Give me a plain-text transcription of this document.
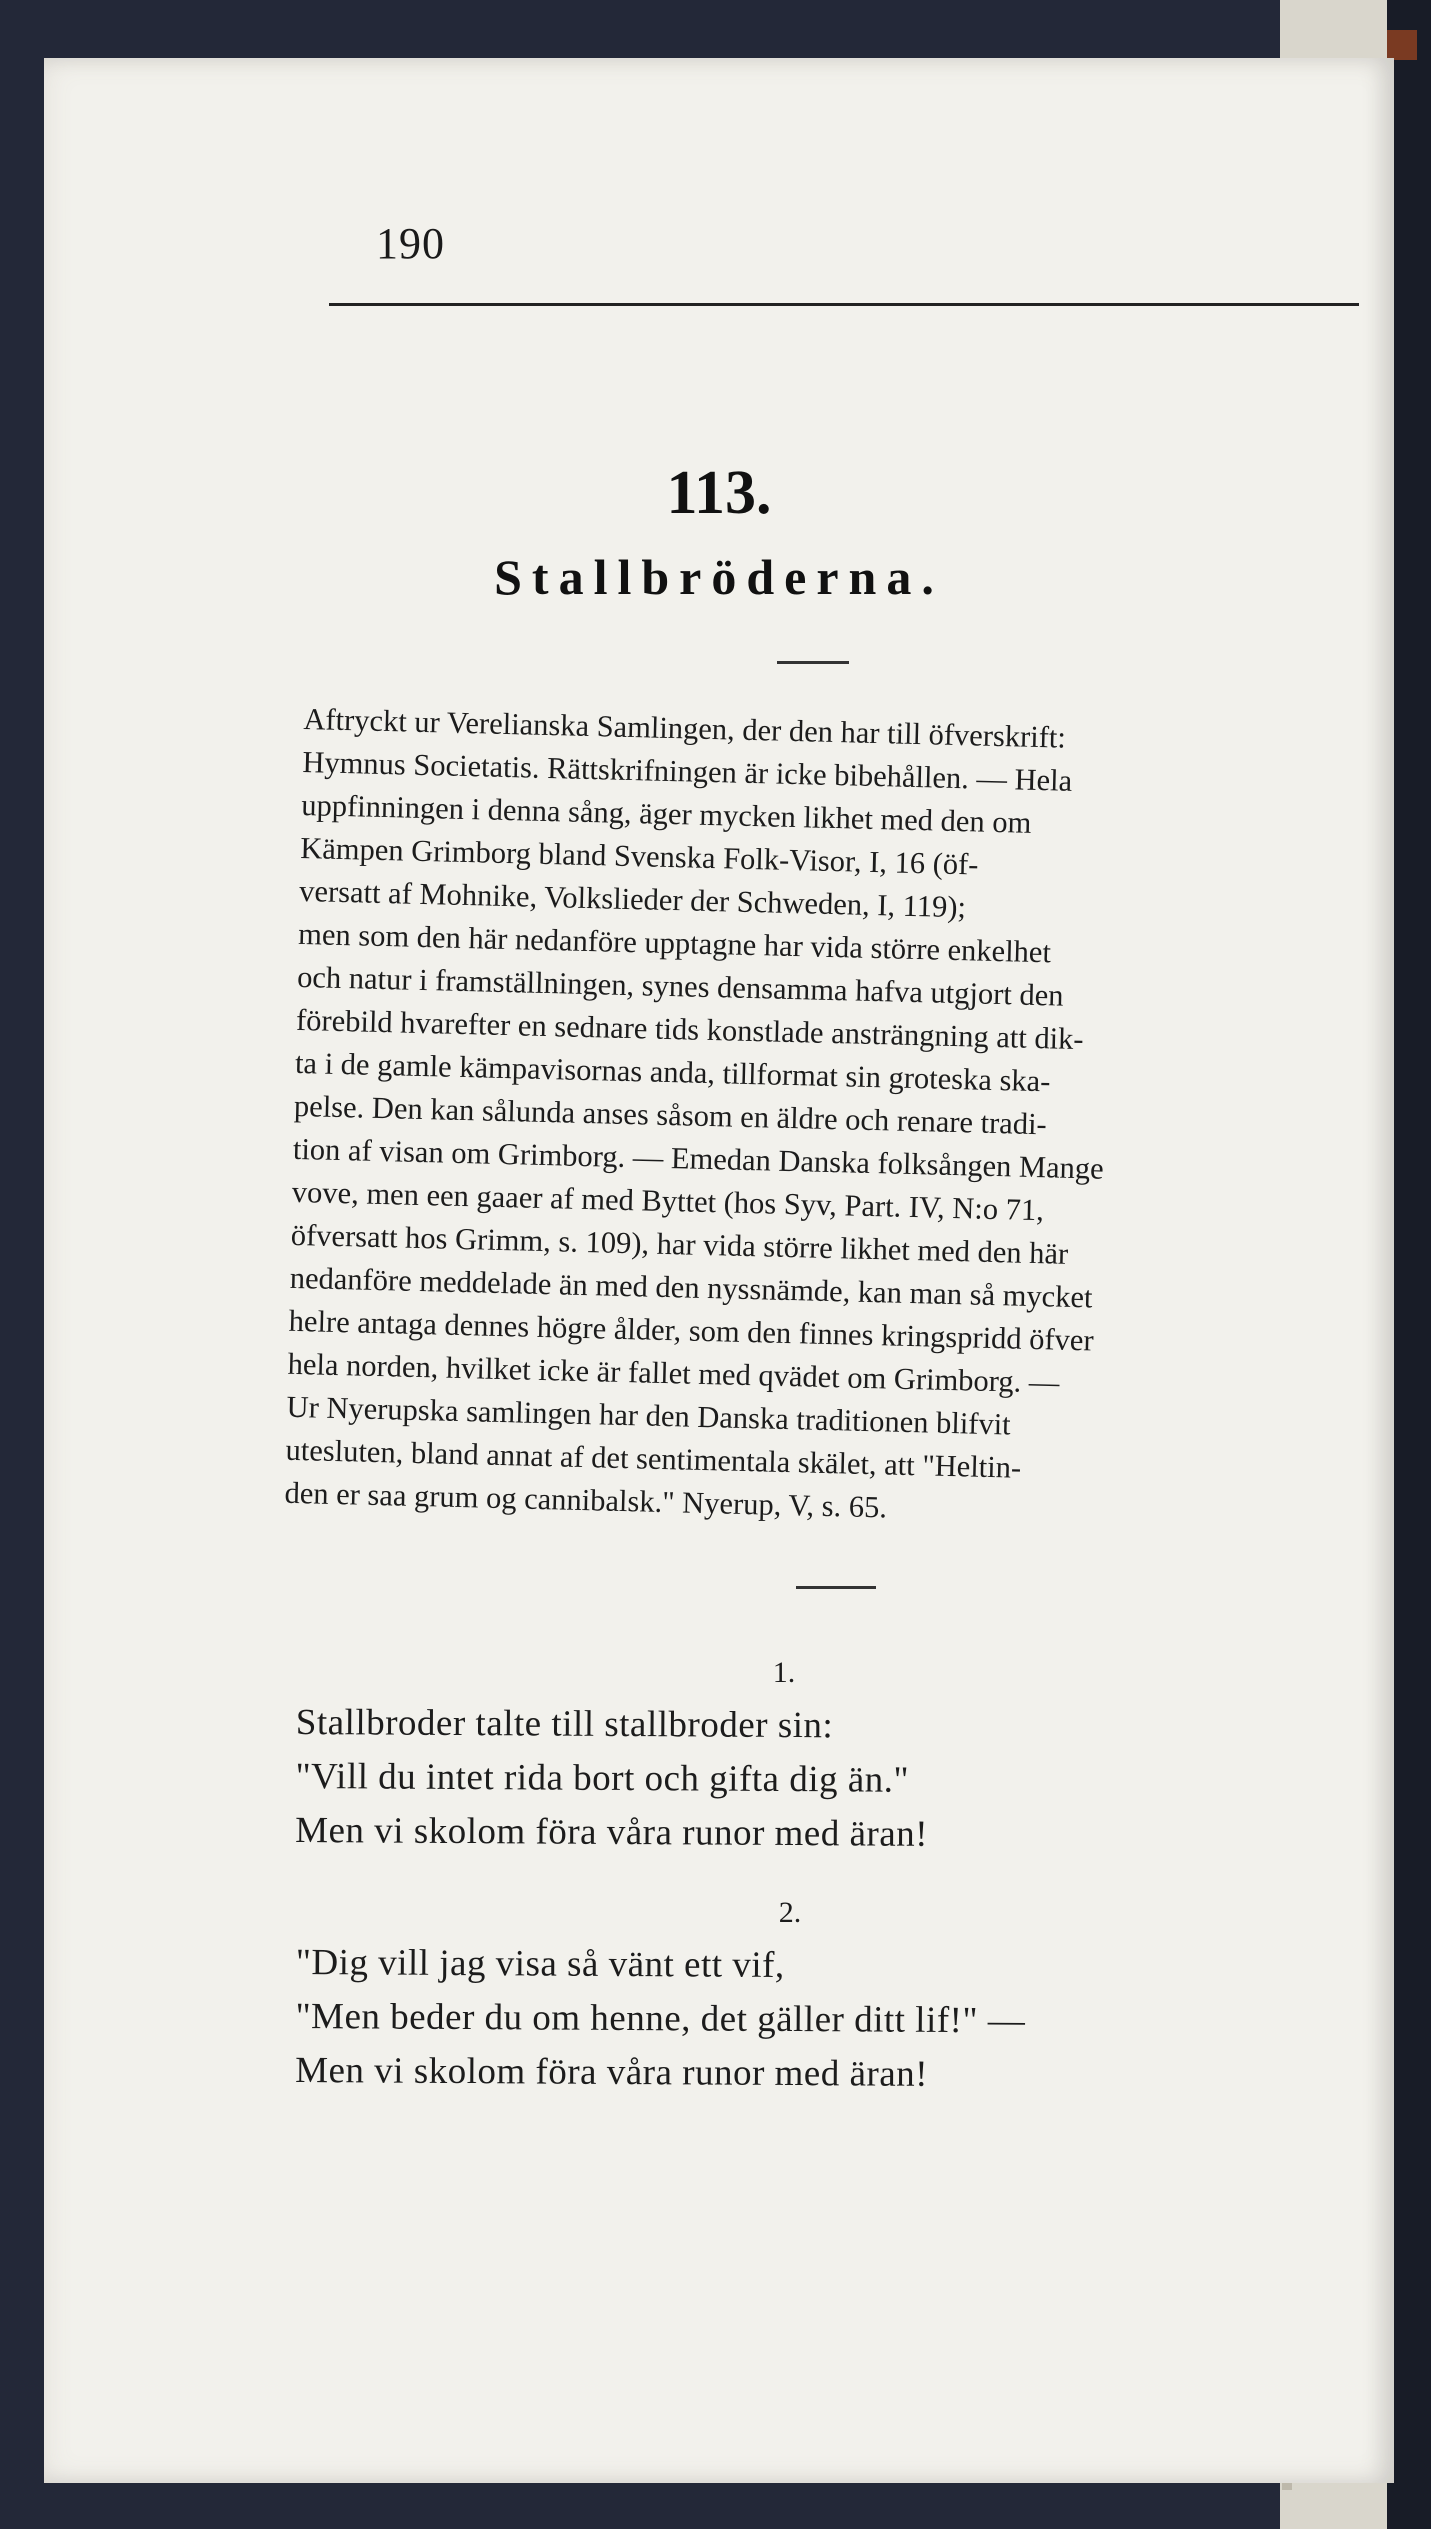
190
113.
Stallbröderna.
Aftryckt ur Verelianska Samlingen, der den har till öfverskrift:
Hymnus Societatis. Rättskrifningen är icke bibehållen. — Hela
uppfinningen i denna sång, äger mycken likhet med den om
Kämpen Grimborg bland Svenska Folk-Visor, I, 16 (öf-
versatt af Mohnike, Volkslieder der Schweden, I, 119);
men som den här nedanföre upptagne har vida större enkelhet
och natur i framställningen, synes densamma hafva utgjort den
förebild hvarefter en sednare tids konstlade ansträngning att dik-
ta i de gamle kämpavisornas anda, tillformat sin groteska ska-
pelse. Den kan sålunda anses såsom en äldre och renare tradi-
tion af visan om Grimborg. — Emedan Danska folksången Mange
vove, men een gaaer af med Byttet (hos Syv, Part. IV, N:o 71,
öfversatt hos Grimm, s. 109), har vida större likhet med den här
nedanföre meddelade än med den nyssnämde, kan man så mycket
helre antaga dennes högre ålder, som den finnes kringspridd öfver
hela norden, hvilket icke är fallet med qvädet om Grimborg. —
Ur Nyerupska samlingen har den Danska traditionen blifvit
utesluten, bland annat af det sentimentala skälet, att "Heltin-
den er saa grum og cannibalsk." Nyerup, V, s. 65.
1.
Stallbroder talte till stallbroder sin:
"Vill du intet rida bort och gifta dig än."
Men vi skolom föra våra runor med äran!
2.
"Dig vill jag visa så vänt ett vif,
"Men beder du om henne, det gäller ditt lif!" —
Men vi skolom föra våra runor med äran!
